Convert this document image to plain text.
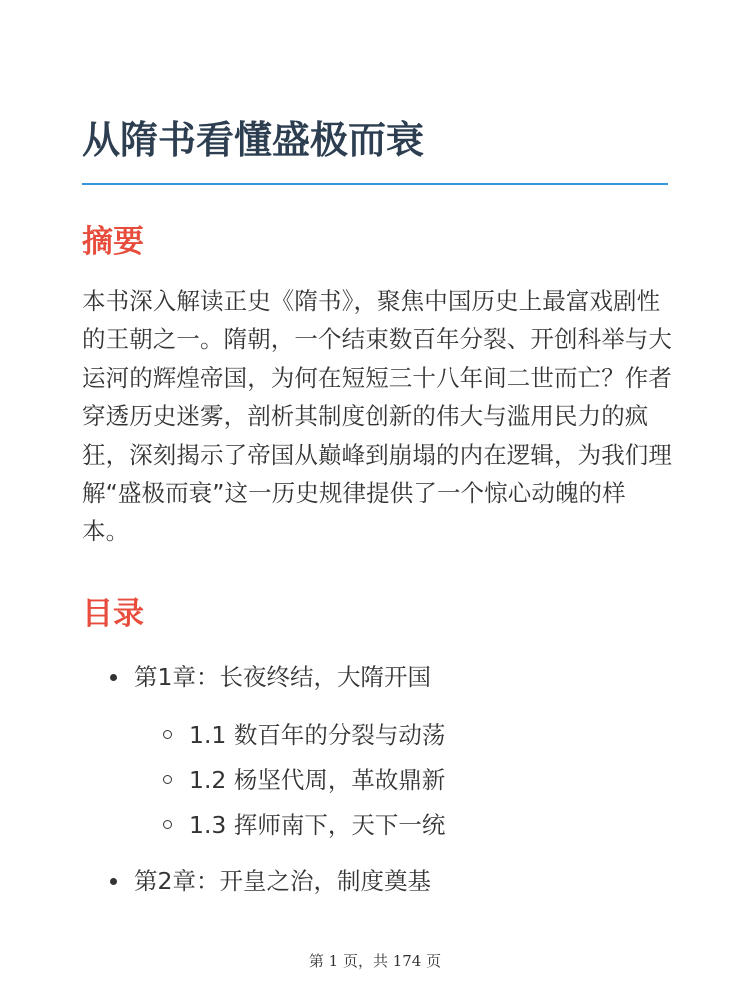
从隋书看懂盛极而衰
摘要

本书深入解读正史《隋书》，聚焦中国历史上最富戏剧性的王朝之一。隋朝，一个结束数百年分裂、开创科举与大运河的辉煌帝国，为何在短短三十八年间二世而亡？作者穿透历史迷雾，剖析其制度创新的伟大与滥用民力的疯狂，深刻揭示了帝国从巅峰到崩塌的内在逻辑，为我们理解“盛极而衰”这一历史规律提供了一个惊心动魄的样本。

目录
第1章：长夜终结，大隋开国
1.1 数百年的分裂与动荡
1.2 杨坚代周，革故鼎新
1.3 挥师南下，天下一统
第2章：开皇之治，制度奠基
第 1 页，共 174 页
